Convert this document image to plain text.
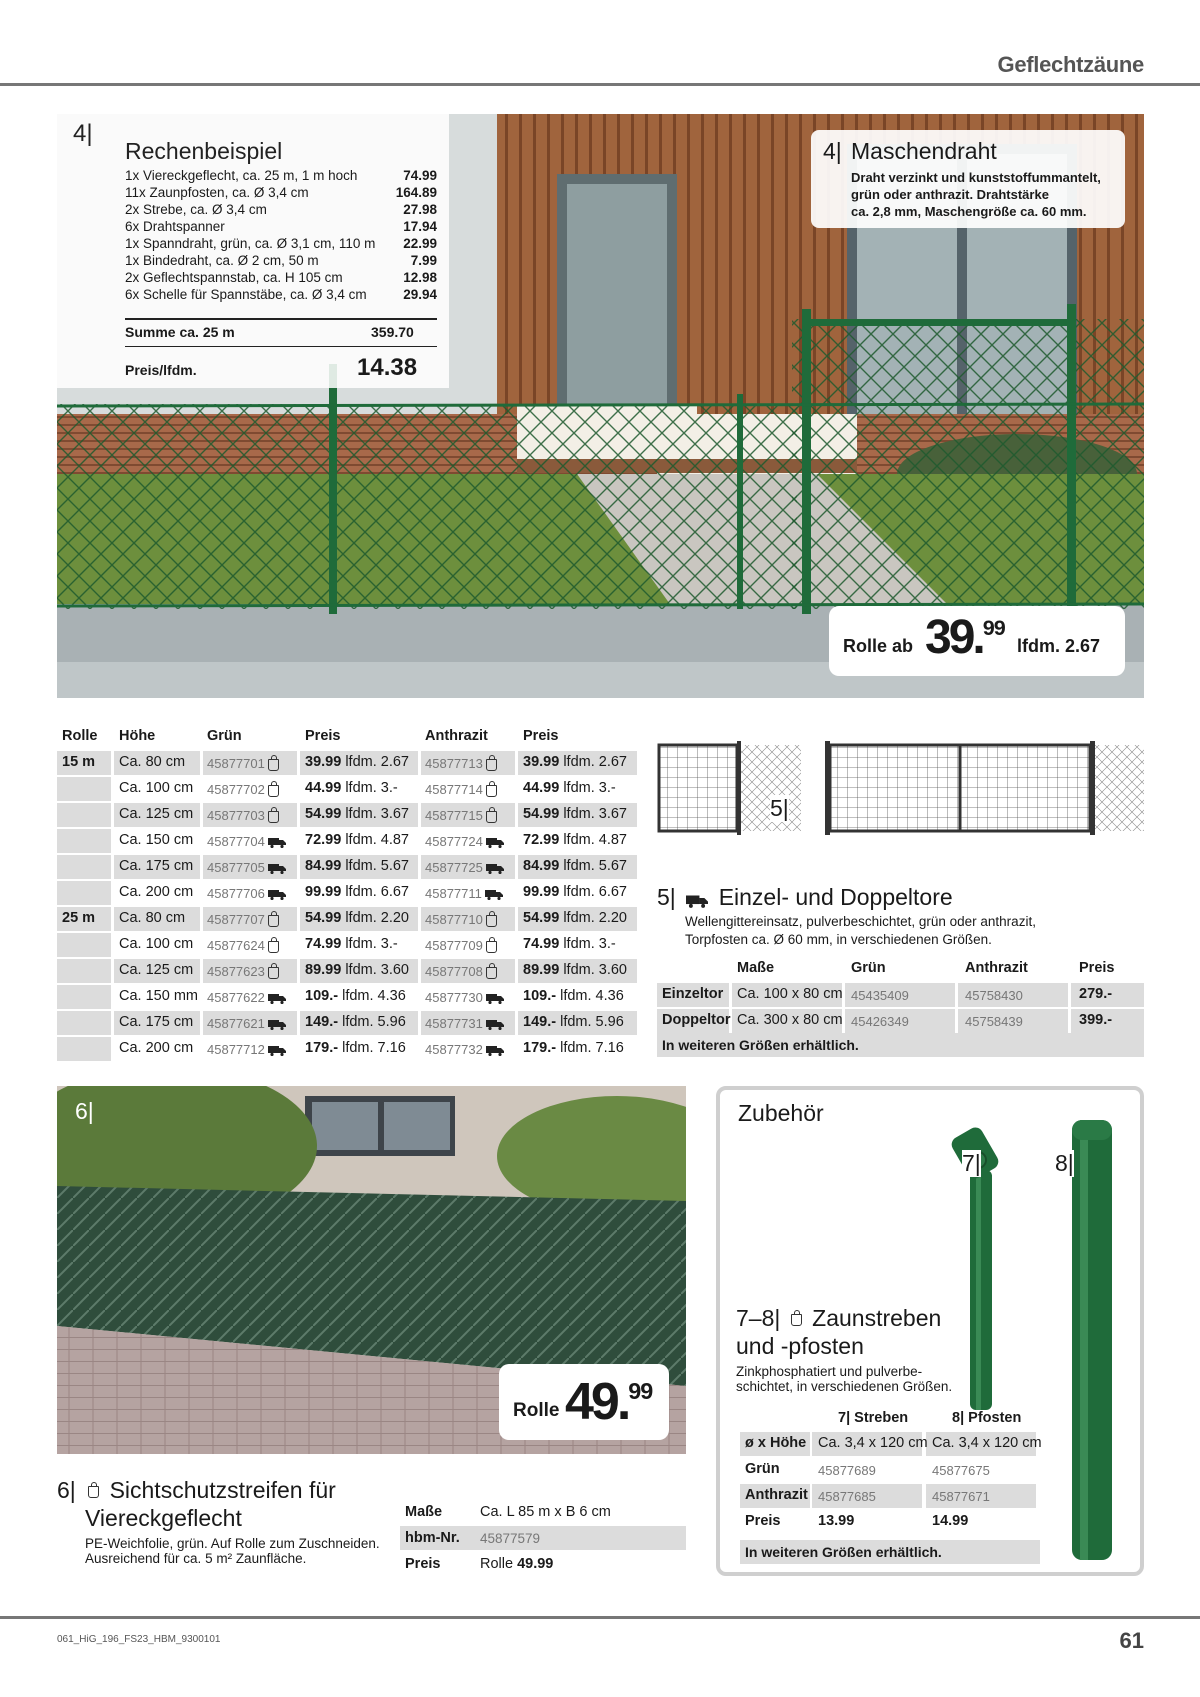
Geflechtzäune
4|
Rechenbeispiel
1x Viereckgeflecht, ca. 25 m, 1 m hoch	74.99
11x Zaunpfosten, ca. Ø 3,4 cm	164.89
2x Strebe, ca. Ø 3,4 cm	27.98
6x Drahtspanner	17.94
1x Spanndraht, grün, ca. Ø 3,1 cm, 110 m 22.99
1x Bindedraht, ca. Ø 2 cm, 50 m	7.99
2x Geflechtspannstab, ca. H 105 cm	12.98
6x Schelle für Spannstäbe, ca. Ø 3,4 cm	29.94
Summe ca. 25 m	359.70
Preis/lfdm.	14.38
4| Maschendraht
Draht verzinkt und kunststoffummantelt,
grün oder anthrazit. Drahtstärke
ca. 2,8 mm, Maschengröße ca. 60 mm.
Rolle ab 39.99
lfdm. 2.67
Rolle Höhe	Grün	Preis	Anthrazit Preis
15 m Ca. 80 cm 45877701	39.99 lfdm. 2.67 45877713	39.99 lfdm. 2.67
Ca. 100 cm 45877702	44.99 lfdm. 3.- 45877714	44.99 lfdm. 3.-
Ca. 125 cm 45877703	54.99 lfdm. 3.67 45877715	54.99 lfdm. 3.67
Ca. 150 cm 45877704	72.99 lfdm. 4.87 45877724	72.99 lfdm. 4.87
Ca. 175 cm 45877705	84.99 lfdm. 5.67 45877725	84.99 lfdm. 5.67
Ca. 200 cm 45877706	99.99 lfdm. 6.67 45877711	99.99 lfdm. 6.67
25 m Ca. 80 cm 45877707	54.99 lfdm. 2.20 45877710	54.99 lfdm. 2.20
Ca. 100 cm 45877624	74.99 lfdm. 3.- 45877709	74.99 lfdm. 3.-
Ca. 125 cm 45877623	89.99 lfdm. 3.60 45877708	89.99 lfdm. 3.60
Ca. 150 mm 45877622	109.- lfdm. 4.36 45877730	109.- lfdm. 4.36
Ca. 175 cm 45877621	149.- lfdm. 5.96 45877731	149.- lfdm. 5.96
Ca. 200 cm 45877712	179.- lfdm. 7.16 45877732	179.- lfdm. 7.16
5|
5| Einzel- und Doppeltore
Wellengittereinsatz, pulverbeschichtet, grün oder anthrazit,
Torpfosten ca. Ø 60 mm, in verschiedenen Größen.
Maße	Grün	Anthrazit	Preis
Einzeltor Ca. 100 x 80 cm 45435409	45758430	279.-
Doppeltor Ca. 300 x 80 cm 45426349	45758439	399.-
In weiteren Größen erhältlich.
6|
Rolle 49.99
6| Sichtschutzstreifen für
Viereckgeflecht
PE-Weichfolie, grün. Auf Rolle zum Zuschneiden.
Ausreichend für ca. 5 m² Zaunfläche.
Maße	Ca. L 85 m x B 6 cm
hbm-Nr. 45877579
Preis	Rolle 49.99
Zubehör
7|	8|
7–8| Zaunstreben
und -pfosten
Zinkphosphatiert und pulverbe-
schichtet, in verschiedenen Größen.
7| Streben	8| Pfosten
ø x Höhe Ca. 3,4 x 120 cm Ca. 3,4 x 120 cm
Grün	45877689	45877675
Anthrazit 45877685	45877671
Preis	13.99	14.99
In weiteren Größen erhältlich.
061_HiG_196_FS23_HBM_9300101	61
